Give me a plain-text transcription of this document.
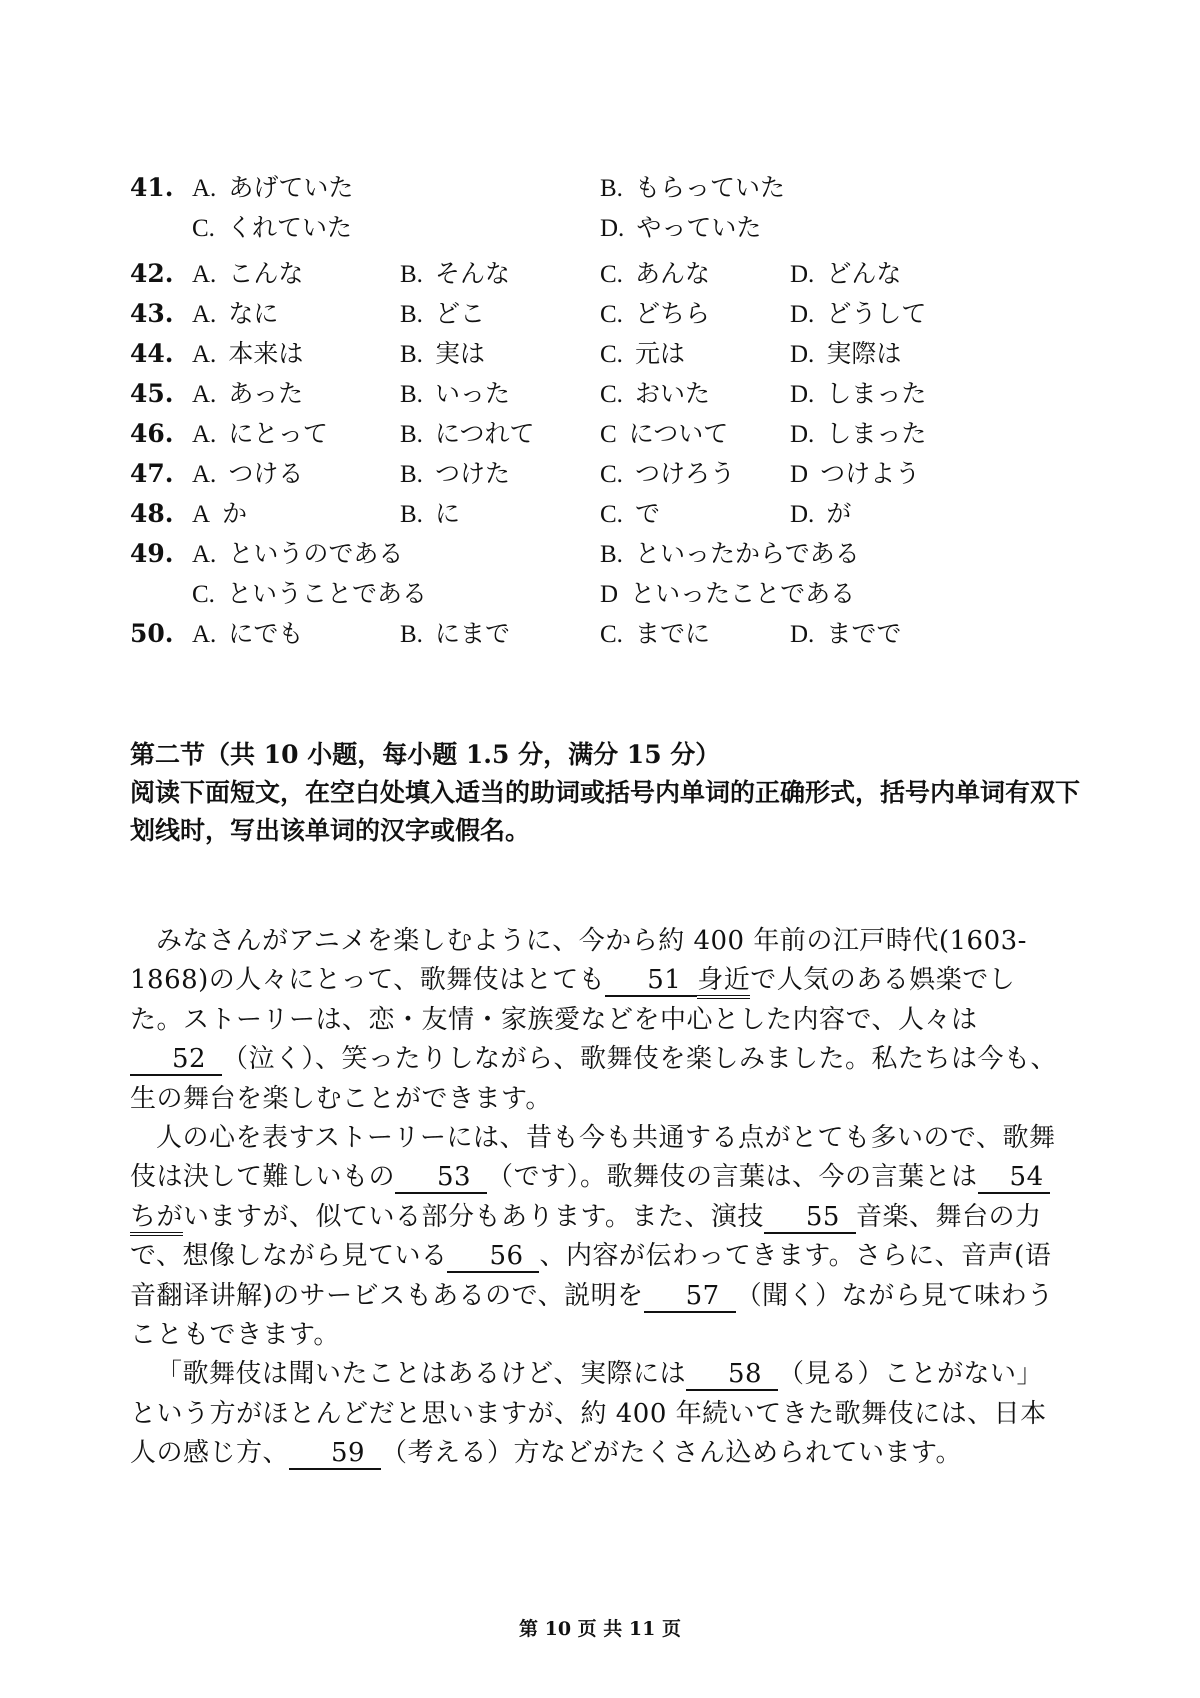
41. A. あげていた	B. もらっていた
C. くれていた	D. やっていた
42. A. こんな	B. そんな	C. あんな	D. どんな
43. A. なに	B. どこ	C. どちら	D. どうして
44. A. 本来は	B. 実は	C. 元は	D. 実際は
45. A. あった	B. いった	C. おいた	D. しまった
46. A. にとって	B. につれて	C について D. しまった
47. A. つける	B. つけた	C. つけろう D つけよう
48. A か	B. に	C. で	D. が
49. A. というのである	B. といったからである
C. ということである	D といったことである
50. A. にでも	B. にまで	C. までに	D. までで
第二节（共 10 小题，每小题 1.5 分，满分 15 分）
阅读下面短文，在空白处填入适当的助词或括号内单词的正确形式，括号内单词有双下划线时，写出该单词的汉字或假名。

みなさんがアニメを楽しむように、今から約 400 年前の江戸時代(1603-1868)の人々にとって、歌舞伎はとても 51 身近で人気のある娯楽でした。ストーリーは、恋・友情・家族愛などを中心とした内容で、人々は52 （泣く）、笑ったりしながら、歌舞伎を楽しみました。私たちは今も、生の舞台を楽しむことができます。

人の心を表すストーリーには、昔も今も共通する点がとても多いので、歌舞伎は決して難しいもの 53 （です）。歌舞伎の言葉は、今の言葉とは 54ちがいますが、似ている部分もあります。また、演技 55 音楽、舞台の力で、想像しながら見ている 56 、内容が伝わってきます。さらに、音声(语音翻译讲解)のサービスもあるので、説明を 57 （聞く）ながら見て味わうこともできます。

「歌舞伎は聞いたことはあるけど、実際には 58 （見る）ことがない」という方がほとんどだと思いますが、約 400 年続いてきた歌舞伎には、日本人の感じ方、 59 （考える）方などがたくさん込められています。

第 10 页 共 11 页
